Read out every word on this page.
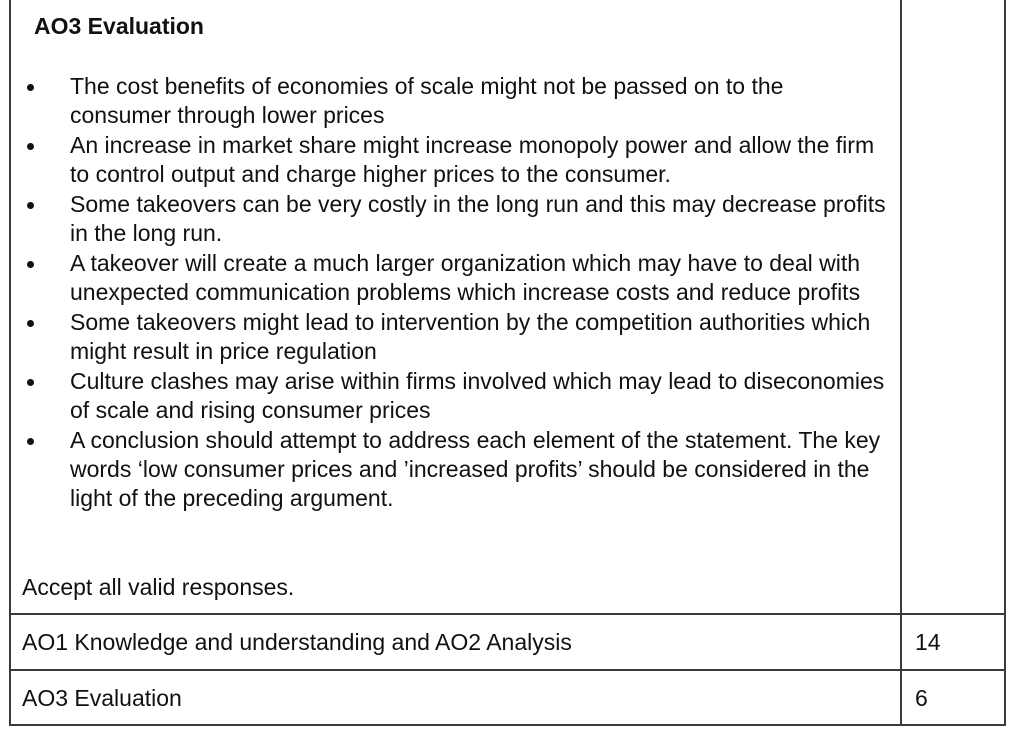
AO3 Evaluation
The cost benefits of economies of scale might not be passed on to the consumer through lower prices
An increase in market share might increase monopoly power and allow the firm to control output and charge higher prices to the consumer.
Some takeovers can be very costly in the long run and this may decrease profits in the long run.
A takeover will create a much larger organization which may have to deal with unexpected communication problems which increase costs and reduce profits
Some takeovers might lead to intervention by the competition authorities which might result in price regulation
Culture clashes may arise within firms involved which may lead to diseconomies of scale and rising consumer prices
A conclusion should attempt to address each element of the statement. The key words ‘low consumer prices and ’increased profits’ should be considered in the light of the preceding argument.
Accept all valid responses.
AO1 Knowledge and understanding and AO2 Analysis	14
AO3 Evaluation	6
